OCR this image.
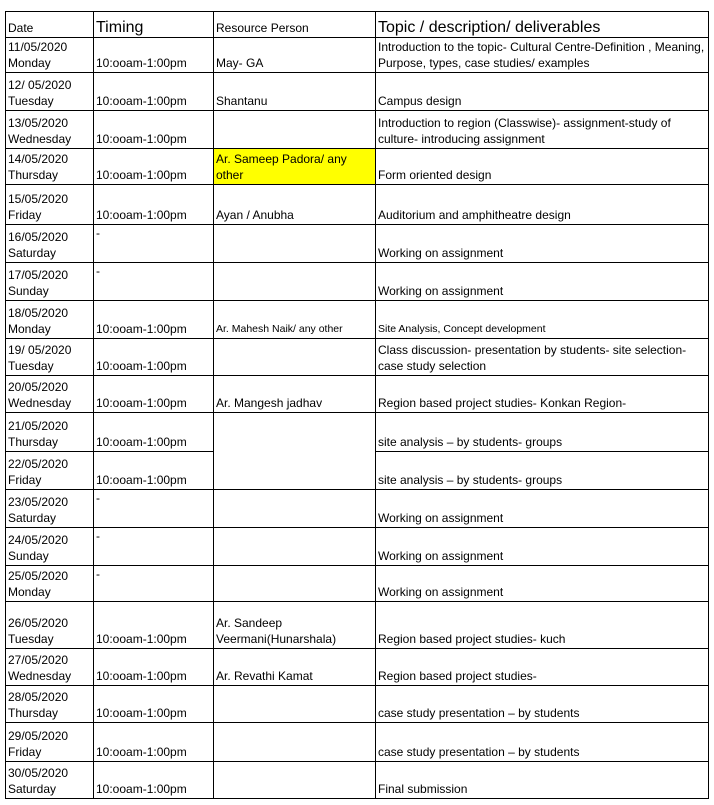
Date	Timing	Resource Person	Topic / description/ deliverables

11/05/2020
Monday	10:ooam-1:00pm	May- GA	Introduction to the topic- Cultural Centre-Definition , Meaning, Purpose, types, case studies/ examples

12/ 05/2020
Tuesday	10:ooam-1:00pm	Shantanu	Campus design

13/05/2020
Wednesday	10:ooam-1:00pm		Introduction to region (Classwise)- assignment-study of culture- introducing assignment

14/05/2020
Thursday	10:ooam-1:00pm	Ar. Sameep Padora/ any other	Form oriented design

15/05/2020
Friday	10:ooam-1:00pm	Ayan / Anubha	Auditorium and amphitheatre design

16/05/2020
Saturday	-		Working on assignment

17/05/2020
Sunday	-		Working on assignment

18/05/2020
Monday	10:ooam-1:00pm	Ar. Mahesh Naik/ any other	Site Analysis, Concept development

19/ 05/2020
Tuesday	10:ooam-1:00pm		Class discussion- presentation by students- site selection- case study selection

20/05/2020
Wednesday	10:ooam-1:00pm	Ar. Mangesh jadhav	Region based project studies- Konkan Region-

21/05/2020
Thursday	10:ooam-1:00pm		site analysis – by students- groups

22/05/2020
Friday	10:ooam-1:00pm		site analysis – by students- groups

23/05/2020
Saturday	-		Working on assignment

24/05/2020
Sunday	-		Working on assignment

25/05/2020
Monday	-		Working on assignment

26/05/2020
Tuesday	10:ooam-1:00pm	Ar. Sandeep Veermani(Hunarshala)	Region based project studies- kuch

27/05/2020
Wednesday	10:ooam-1:00pm	Ar. Revathi Kamat	Region based project studies-

28/05/2020
Thursday	10:ooam-1:00pm		case study presentation – by students

29/05/2020
Friday	10:ooam-1:00pm		case study presentation – by students

30/05/2020
Saturday	10:ooam-1:00pm		Final submission
